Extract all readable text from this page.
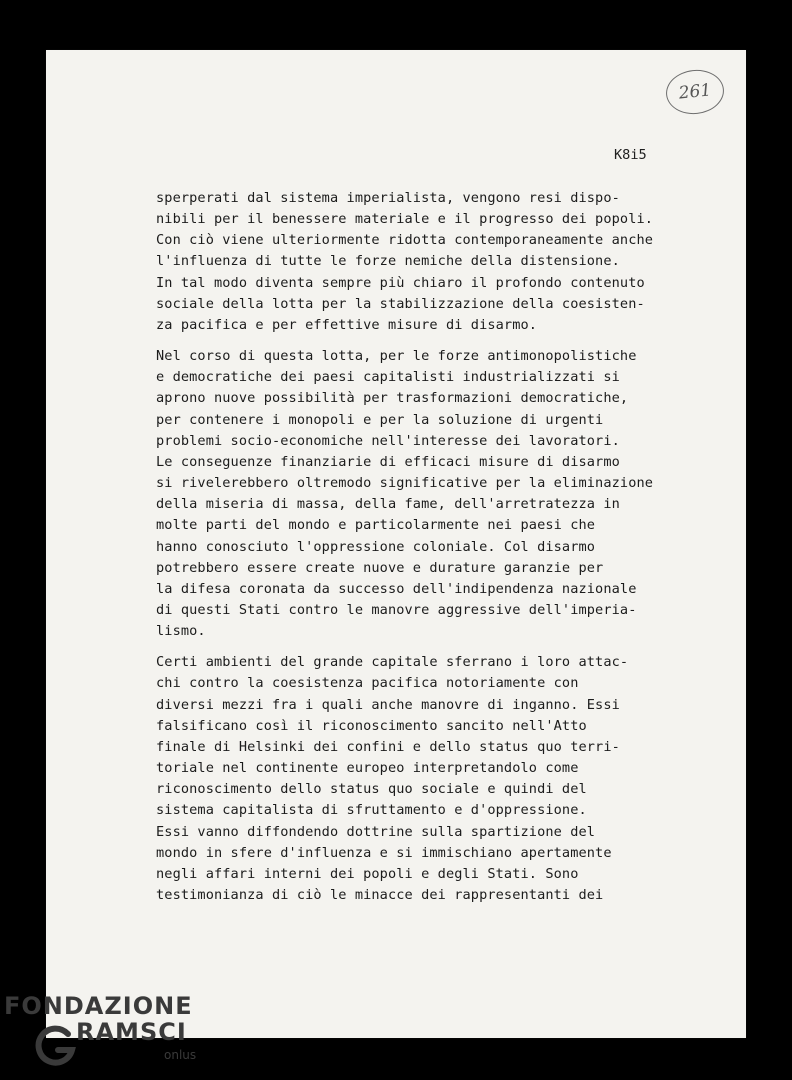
261
K8i5
sperperati dal sistema imperialista, vengono resi dispo-
nibili per il benessere materiale e il progresso dei popoli.
Con ciò viene ulteriormente ridotta contemporaneamente anche
l'influenza di tutte le forze nemiche della distensione.
In tal modo diventa sempre più chiaro il profondo contenuto
sociale della lotta per la stabilizzazione della coesisten-
za pacifica e per effettive misure di disarmo.
Nel corso di questa lotta, per le forze antimonopolistiche
e democratiche dei paesi capitalisti industrializzati si
aprono nuove possibilità per trasformazioni democratiche,
per contenere i monopoli e per la soluzione di urgenti
problemi socio-economiche nell'interesse dei lavoratori.
Le conseguenze finanziarie di efficaci misure di disarmo
si rivelerebbero oltremodo significative per la eliminazione
della miseria di massa, della fame, dell'arretratezza in
molte parti del mondo e particolarmente nei paesi che
hanno conosciuto l'oppressione coloniale. Col disarmo
potrebbero essere create nuove e durature garanzie per
la difesa coronata da successo dell'indipendenza nazionale
di questi Stati contro le manovre aggressive dell'imperia-
lismo.
Certi ambienti del grande capitale sferrano i loro attac-
chi contro la coesistenza pacifica notoriamente con
diversi mezzi fra i quali anche manovre di inganno. Essi
falsificano così il riconoscimento sancito nell'Atto
finale di Helsinki dei confini e dello status quo terri-
toriale nel continente europeo interpretandolo come
riconoscimento dello status quo sociale e quindi del
sistema capitalista di sfruttamento e d'oppressione.
Essi vanno diffondendo dottrine sulla spartizione del
mondo in sfere d'influenza e si immischiano apertamente
negli affari interni dei popoli e degli Stati. Sono
testimonianza di ciò le minacce dei rappresentanti dei
FONDAZIONE
RAMSCI
onlus
